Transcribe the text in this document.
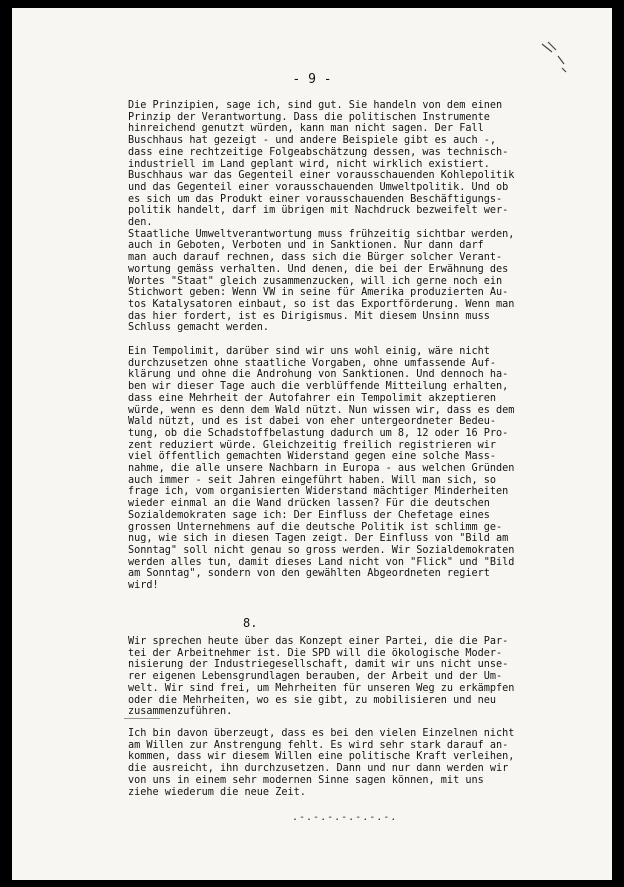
- 9 -
Die Prinzipien, sage ich, sind gut. Sie handeln von dem einen
Prinzip der Verantwortung. Dass die politischen Instrumente
hinreichend genutzt würden, kann man nicht sagen. Der Fall
Buschhaus hat gezeigt - und andere Beispiele gibt es auch -,
dass eine rechtzeitige Folgeabschätzung dessen, was technisch-
industriell im Land geplant wird, nicht wirklich existiert.
Buschhaus war das Gegenteil einer vorausschauenden Kohlepolitik
und das Gegenteil einer vorausschauenden Umweltpolitik. Und ob
es sich um das Produkt einer vorausschauenden Beschäftigungs-
politik handelt, darf im übrigen mit Nachdruck bezweifelt wer-
den.
Staatliche Umweltverantwortung muss frühzeitig sichtbar werden,
auch in Geboten, Verboten und in Sanktionen. Nur dann darf
man auch darauf rechnen, dass sich die Bürger solcher Verant-
wortung gemäss verhalten. Und denen, die bei der Erwähnung des
Wortes "Staat" gleich zusammenzucken, will ich gerne noch ein
Stichwort geben: Wenn VW in seine für Amerika produzierten Au-
tos Katalysatoren einbaut, so ist das Exportförderung. Wenn man
das hier fordert, ist es Dirigismus. Mit diesem Unsinn muss
Schluss gemacht werden.
Ein Tempolimit, darüber sind wir uns wohl einig, wäre nicht
durchzusetzen ohne staatliche Vorgaben, ohne umfassende Auf-
klärung und ohne die Androhung von Sanktionen. Und dennoch ha-
ben wir dieser Tage auch die verblüffende Mitteilung erhalten,
dass eine Mehrheit der Autofahrer ein Tempolimit akzeptieren
würde, wenn es denn dem Wald nützt. Nun wissen wir, dass es dem
Wald nützt, und es ist dabei von eher untergeordneter Bedeu-
tung, ob die Schadstoffbelastung dadurch um 8, 12 oder 16 Pro-
zent reduziert würde. Gleichzeitig freilich registrieren wir
viel öffentlich gemachten Widerstand gegen eine solche Mass-
nahme, die alle unsere Nachbarn in Europa - aus welchen Gründen
auch immer - seit Jahren eingeführt haben. Will man sich, so
frage ich, vom organisierten Widerstand mächtiger Minderheiten
wieder einmal an die Wand drücken lassen? Für die deutschen
Sozialdemokraten sage ich: Der Einfluss der Chefetage eines
grossen Unternehmens auf die deutsche Politik ist schlimm ge-
nug, wie sich in diesen Tagen zeigt. Der Einfluss von "Bild am
Sonntag" soll nicht genau so gross werden. Wir Sozialdemokraten
werden alles tun, damit dieses Land nicht von "Flick" und "Bild
am Sonntag", sondern von den gewählten Abgeordneten regiert
wird!
8.
Wir sprechen heute über das Konzept einer Partei, die die Par-
tei der Arbeitnehmer ist. Die SPD will die ökologische Moder-
nisierung der Industriegesellschaft, damit wir uns nicht unse-
rer eigenen Lebensgrundlagen berauben, der Arbeit und der Um-
welt. Wir sind frei, um Mehrheiten für unseren Weg zu erkämpfen
oder die Mehrheiten, wo es sie gibt, zu mobilisieren und neu
zusammenzuführen.
Ich bin davon überzeugt, dass es bei den vielen Einzelnen nicht
am Willen zur Anstrengung fehlt. Es wird sehr stark darauf an-
kommen, dass wir diesem Willen eine politische Kraft verleihen,
die ausreicht, ihn durchzusetzen. Dann und nur dann werden wir
von uns in einem sehr modernen Sinne sagen können, mit uns
ziehe wiederum die neue Zeit.
.-.-.-.-.-.-.-.
